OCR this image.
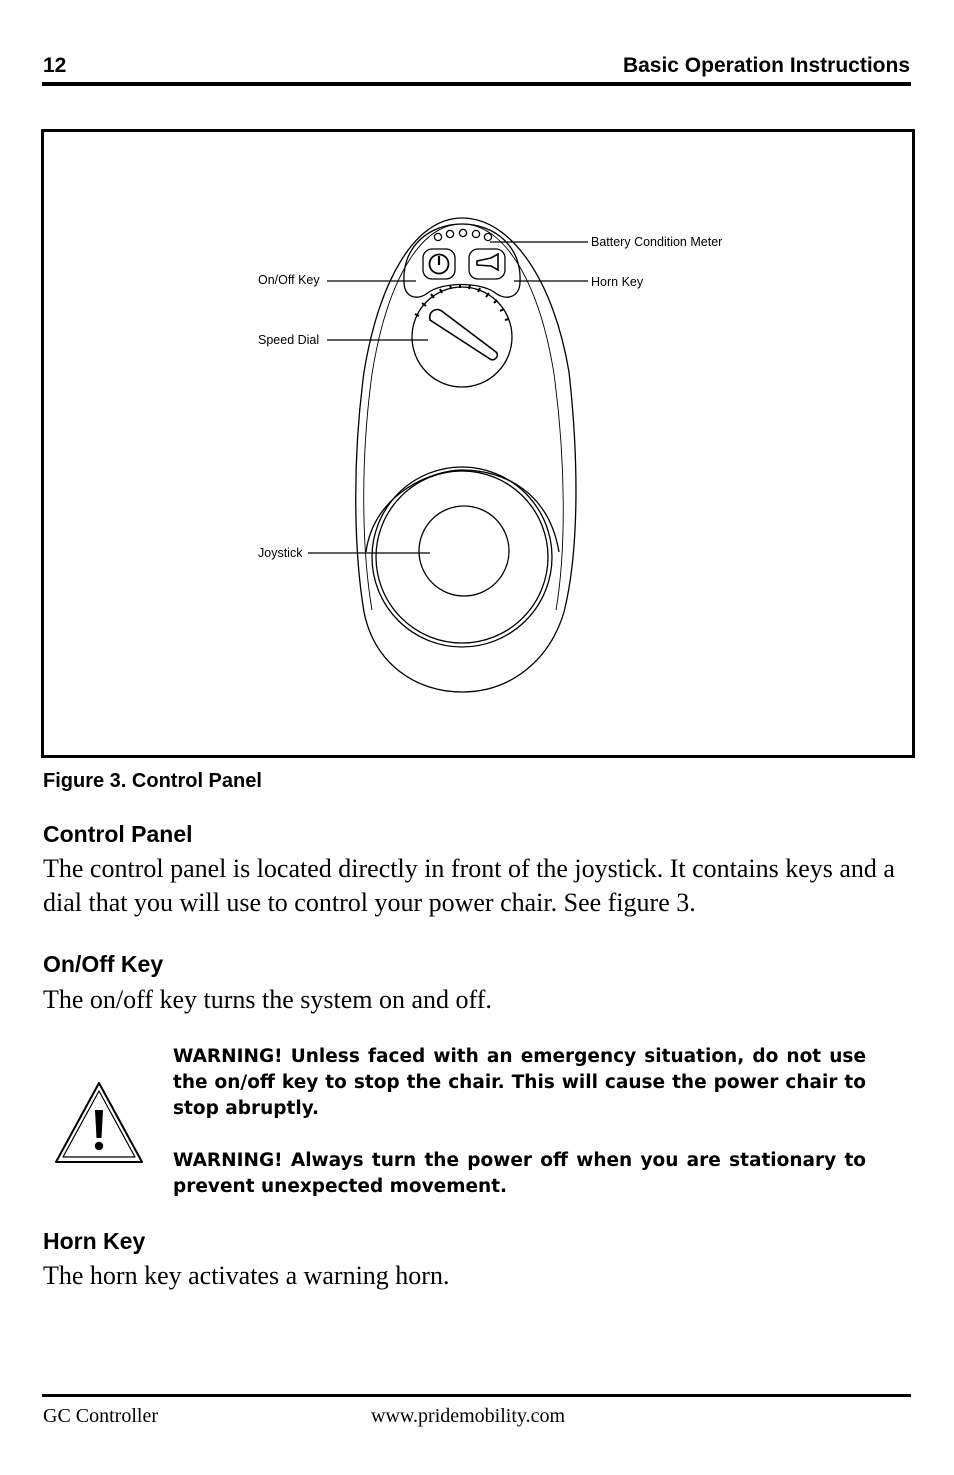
12	Basic Operation Instructions
Battery Condition Meter
On/Off Key	Horn Key
Speed Dial
Joystick
Figure 3. Control Panel
Control Panel
The control panel is located directly in front of the joystick. It contains keys and a dial that you will use to control your power chair. See figure 3.
On/Off Key
The on/off key turns the system on and off.
WARNING! Unless faced with an emergency situation, do not use the on/off key to stop the chair. This will cause the power chair to stop abruptly.
WARNING! Always turn the power off when you are stationary to prevent unexpected movement.
Horn Key
The horn key activates a warning horn.
GC Controller	www.pridemobility.com
